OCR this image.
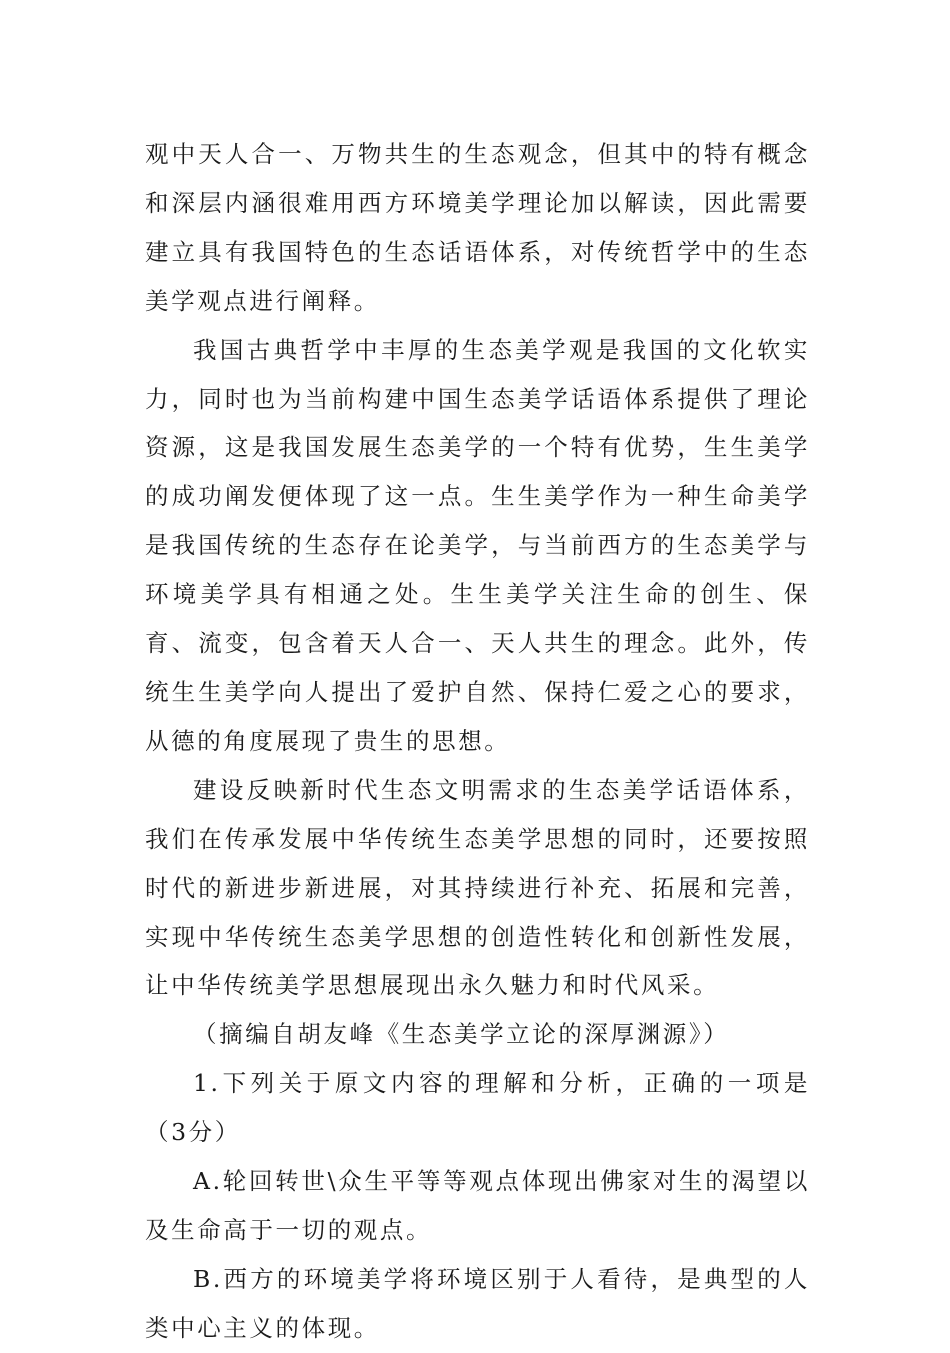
观中天人合一、万物共生的生态观念，但其中的特有概念和深层内涵很难用西方环境美学理论加以解读，因此需要建立具有我国特色的生态话语体系，对传统哲学中的生态美学观点进行阐释。

我国古典哲学中丰厚的生态美学观是我国的文化软实力，同时也为当前构建中国生态美学话语体系提供了理论资源，这是我国发展生态美学的一个特有优势，生生美学的成功阐发便体现了这一点。生生美学作为一种生命美学是我国传统的生态存在论美学，与当前西方的生态美学与环境美学具有相通之处。生生美学关注生命的创生、保育、流变，包含着天人合一、天人共生的理念。此外，传统生生美学向人提出了爱护自然、保持仁爱之心的要求，从德的角度展现了贵生的思想。

建设反映新时代生态文明需求的生态美学话语体系，我们在传承发展中华传统生态美学思想的同时，还要按照时代的新进步新进展，对其持续进行补充、拓展和完善，实现中华传统生态美学思想的创造性转化和创新性发展，让中华传统美学思想展现出永久魅力和时代风采。

（摘编自胡友峰《生态美学立论的深厚渊源》）

1.下列关于原文内容的理解和分析，正确的一项是（3分）

A.轮回转世\众生平等等观点体现出佛家对生的渴望以及生命高于一切的观点。

B.西方的环境美学将环境区别于人看待，是典型的人类中心主义的体现。
